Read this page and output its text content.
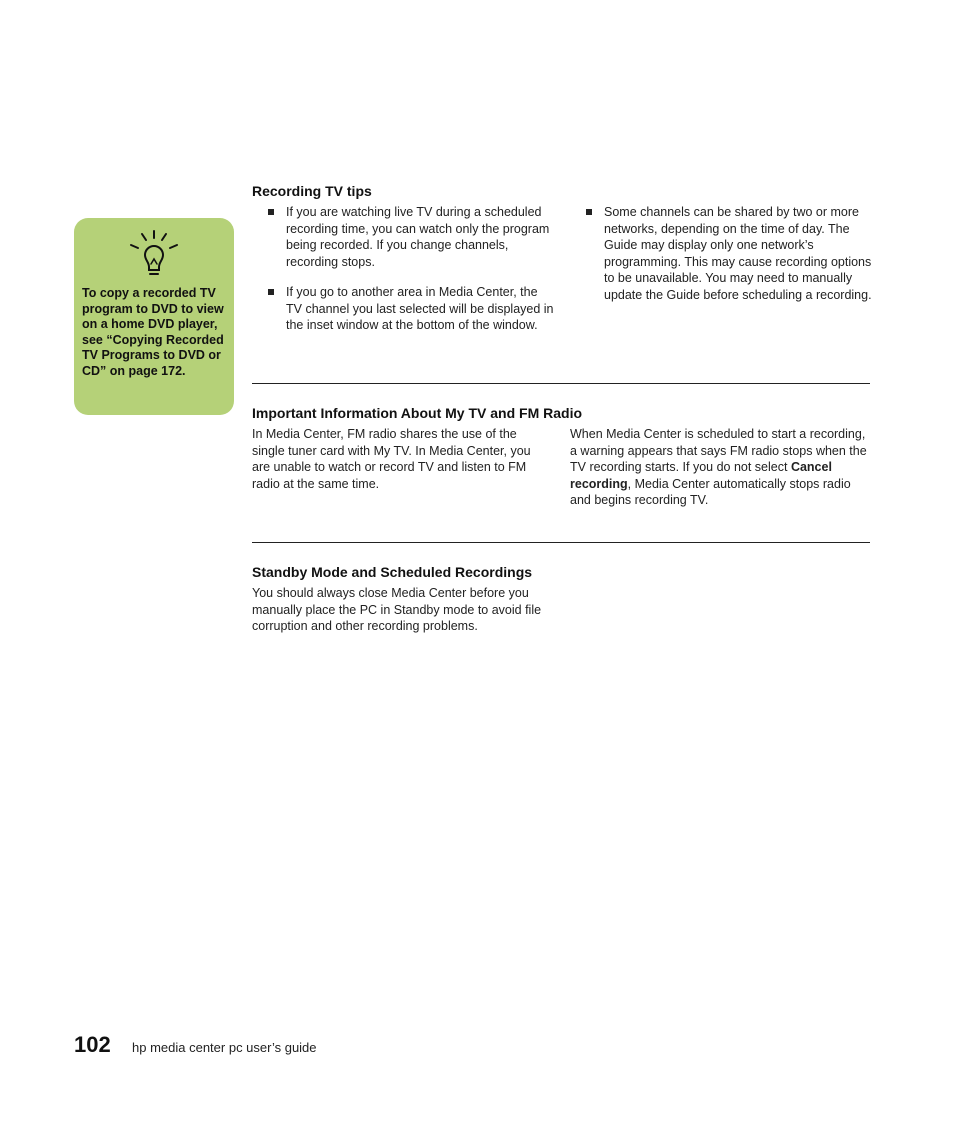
To copy a recorded TV program to DVD to view on a home DVD player, see “Copying Recorded TV Programs to DVD or CD” on page 172.
Recording TV tips
If you are watching live TV during a scheduled recording time, you can watch only the program being recorded. If you change channels, recording stops.
If you go to another area in Media Center, the TV channel you last selected will be displayed in the inset window at the bottom of the window.
Some channels can be shared by two or more networks, depending on the time of day. The Guide may display only one network’s programming. This may cause recording options to be unavailable. You may need to manually update the Guide before scheduling a recording.
Important Information About My TV and FM Radio
In Media Center, FM radio shares the use of the single tuner card with My TV. In Media Center, you are unable to watch or record TV and listen to FM radio at the same time.
When Media Center is scheduled to start a recording, a warning appears that says FM radio stops when the TV recording starts. If you do not select Cancel recording, Media Center automatically stops radio and begins recording TV.
Standby Mode and Scheduled Recordings
You should always close Media Center before you manually place the PC in Standby mode to avoid file corruption and other recording problems.
102 hp media center pc user’s guide
